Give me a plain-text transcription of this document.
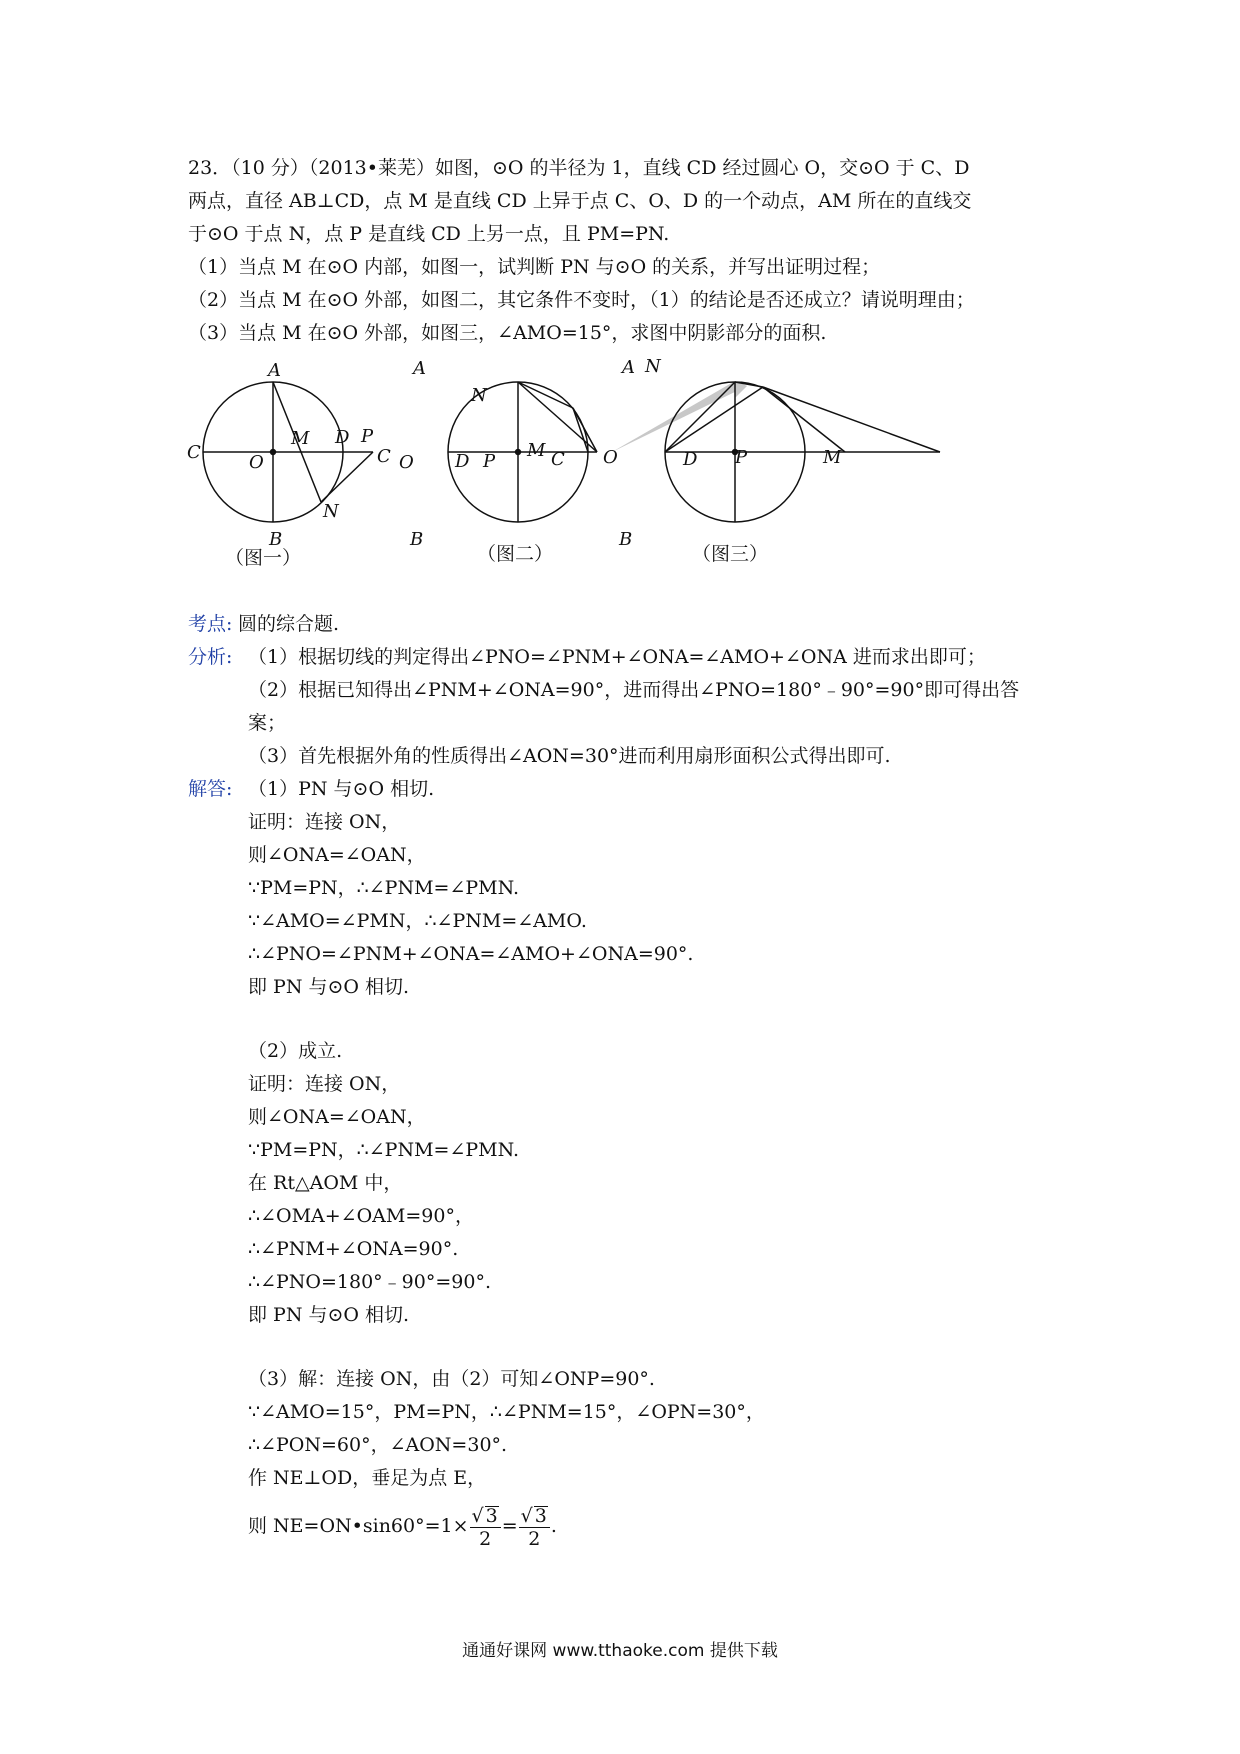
23．（10 分）（2013•莱芜）如图，⊙O 的半径为 1，直线 CD 经过圆心 O，交⊙O 于 C、D
两点，直径 AB⊥CD，点 M 是直线 CD 上异于点 C、O、D 的一个动点，AM 所在的直线交
于⊙O 于点 N，点 P 是直线 CD 上另一点，且 PM=PN.
（1）当点 M 在⊙O 内部，如图一，试判断 PN 与⊙O 的关系，并写出证明过程；
（2）当点 M 在⊙O 外部，如图二，其它条件不变时，（1）的结论是否还成立？请说明理由；
（3）当点 M 在⊙O 外部，如图三，∠AMO=15°，求图中阴影部分的面积.
A
B
C
D
O
M
N
P
A
B
C	D
O
M
N
P
A
B
C	D
O	M
N
P
（图一）	（图二）	（图三）
考点: 圆的综合题.
分析: （1）根据切线的判定得出∠PNO=∠PNM+∠ONA=∠AMO+∠ONA 进而求出即可；
（2）根据已知得出∠PNM+∠ONA=90°，进而得出∠PNO=180°﹣90°=90°即可得出答
案；
（3）首先根据外角的性质得出∠AON=30°进而利用扇形面积公式得出即可.
解答: （1）PN 与⊙O 相切.
证明：连接 ON，
则∠ONA=∠OAN，
∵PM=PN，∴∠PNM=∠PMN.
∵∠AMO=∠PMN，∴∠PNM=∠AMO.
∴∠PNO=∠PNM+∠ONA=∠AMO+∠ONA=90°.
即 PN 与⊙O 相切.
（2）成立.
证明：连接 ON，
则∠ONA=∠OAN，
∵PM=PN，∴∠PNM=∠PMN.
在 Rt△AOM 中，
∴∠OMA+∠OAM=90°，
∴∠PNM+∠ONA=90°.
∴∠PNO=180°﹣90°=90°.
即 PN 与⊙O 相切.
（3）解：连接 ON，由（2）可知∠ONP=90°.
∵∠AMO=15°，PM=PN，∴∠PNM=15°，∠OPN=30°，
∴∠PON=60°，∠AON=30°.
作 NE⊥OD，垂足为点 E，
则 NE=ON•sin60°=1× $\frac{√ 3}{2} = \frac{√ 3}{2}$ .
通通好课网 www.tthaoke.com 提供下载
